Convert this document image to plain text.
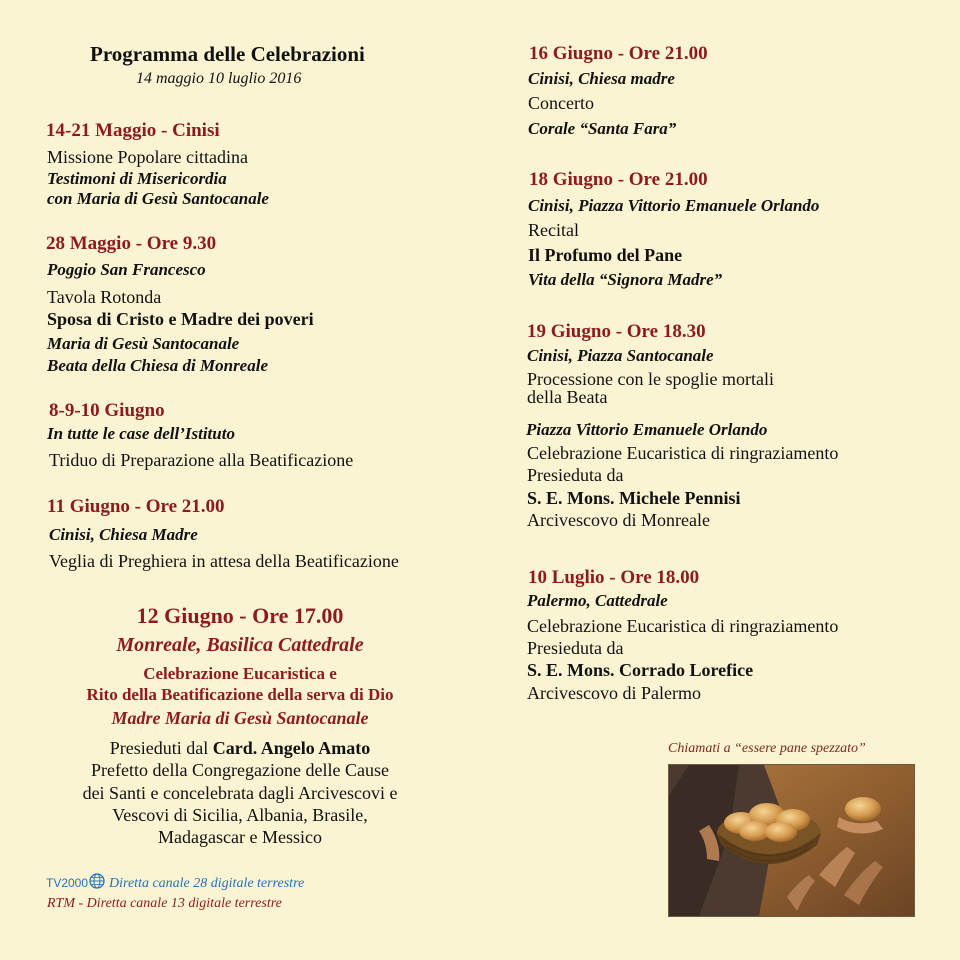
Programma delle Celebrazioni
14 maggio 10 luglio 2016
14-21 Maggio - Cinisi
Missione Popolare cittadina
Testimoni di Misericordia
con Maria di Gesù Santocanale
28 Maggio - Ore 9.30
Poggio San Francesco
Tavola Rotonda
Sposa di Cristo e Madre dei poveri
Maria di Gesù Santocanale
Beata della Chiesa di Monreale
8-9-10 Giugno
In tutte le case dell’Istituto
Triduo di Preparazione alla Beatificazione
11 Giugno - Ore 21.00
Cinisi, Chiesa Madre
Veglia di Preghiera in attesa della Beatificazione
12 Giugno - Ore 17.00
Monreale, Basilica Cattedrale
Celebrazione Eucaristica e
Rito della Beatificazione della serva di Dio
Madre Maria di Gesù Santocanale
Presieduti dal Card. Angelo Amato
Prefetto della Congregazione delle Cause
dei Santi e concelebrata dagli Arcivescovi e
Vescovi di Sicilia, Albania, Brasile,
Madagascar e Messico
TV2000 Diretta canale 28 digitale terrestre
RTM - Diretta canale 13 digitale terrestre
16 Giugno - Ore 21.00
Cinisi, Chiesa madre
Concerto
Corale “Santa Fara”
18 Giugno - Ore 21.00
Cinisi, Piazza Vittorio Emanuele Orlando
Recital
Il Profumo del Pane
Vita della “Signora Madre”
19 Giugno - Ore 18.30
Cinisi, Piazza Santocanale
Processione con le spoglie mortali
della Beata
Piazza Vittorio Emanuele Orlando
Celebrazione Eucaristica di ringraziamento
Presieduta da
S. E. Mons. Michele Pennisi
Arcivescovo di Monreale
10 Luglio - Ore 18.00
Palermo, Cattedrale
Celebrazione Eucaristica di ringraziamento
Presieduta da
S. E. Mons. Corrado Lorefice
Arcivescovo di Palermo
Chiamati a “essere pane spezzato”
